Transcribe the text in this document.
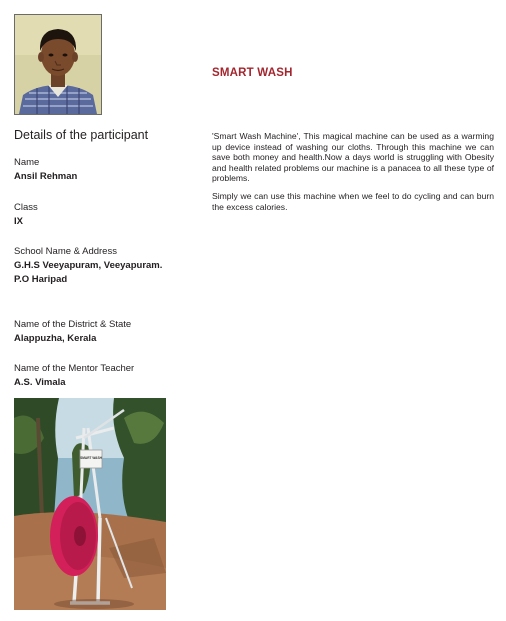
SMART WASH
Details of the participant
Name
Ansil Rehman
Class
IX
School Name & Address
G.H.S Veeyapuram, Veeyapuram.
P.O Haripad
Name of the District & State
Alappuzha, Kerala
Name of the Mentor Teacher
A.S. Vimala

'Smart Wash Machine', This magical machine can be used as a warming up device instead of washing our cloths. Through this machine we can save both money and health.Now a days world is struggling with Obesity and health related problems our machine is a panacea to all these type of problems.

Simply we can use this machine when we feel to do cycling and can burn the excess calories.

SMART WASH
